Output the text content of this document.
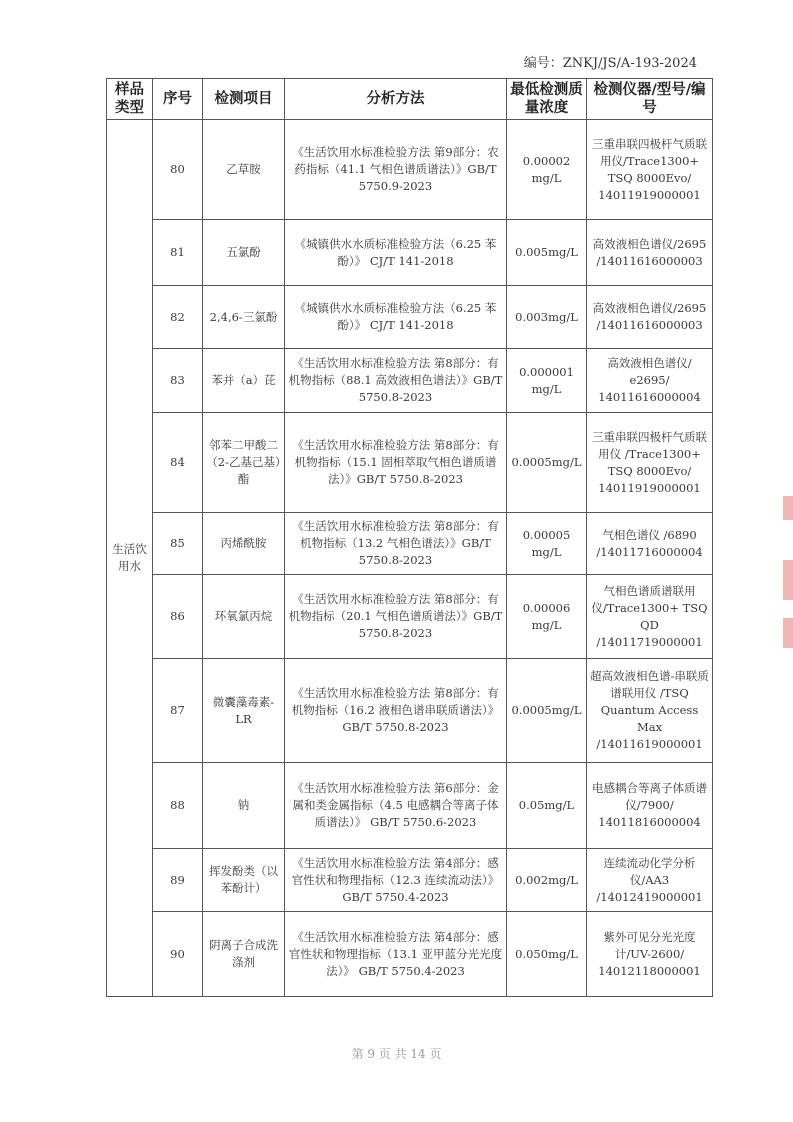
编号：ZNKJ/JS/A-193-2024
样品类型	序号	检测项目	分析方法	最低检测质量浓度	检测仪器/型号/编号
生活饮用水	80	乙草胺	《生活饮用水标准检验方法 第9部分：农药指标（41.1 气相色谱质谱法）》GB/T 5750.9-2023	0.00002 mg/L	三重串联四极杆气质联用仪/Trace1300+ TSQ 8000Evo/ 14011919000001
	81	五氯酚	《城镇供水水质标准检验方法（6.25 苯酚）》 CJ/T 141-2018	0.005mg/L	高效液相色谱仪/2695 /14011616000003
	82	2,4,6-三氯酚	《城镇供水水质标准检验方法（6.25 苯酚）》 CJ/T 141-2018	0.003mg/L	高效液相色谱仪/2695 /14011616000003
	83	苯并（a）芘	《生活饮用水标准检验方法 第8部分：有机物指标（88.1 高效液相色谱法）》GB/T 5750.8-2023	0.000001 mg/L	高效液相色谱仪/ e2695/ 14011616000004
	84	邻苯二甲酸二（2-乙基己基）酯	《生活饮用水标准检验方法 第8部分：有机物指标（15.1 固相萃取气相色谱质谱法）》GB/T 5750.8-2023	0.0005mg/L	三重串联四极杆气质联用仪 /Trace1300+ TSQ 8000Evo/ 14011919000001
	85	丙烯酰胺	《生活饮用水标准检验方法 第8部分：有机物指标（13.2 气相色谱法）》GB/T 5750.8-2023	0.00005 mg/L	气相色谱仪 /6890 /14011716000004
	86	环氧氯丙烷	《生活饮用水标准检验方法 第8部分：有机物指标（20.1 气相色谱质谱法）》GB/T 5750.8-2023	0.00006 mg/L	气相色谱质谱联用仪/Trace1300+ TSQ QD /14011719000001
	87	微囊藻毒素-LR	《生活饮用水标准检验方法 第8部分：有机物指标（16.2 液相色谱串联质谱法）》GB/T 5750.8-2023	0.0005mg/L	超高效液相色谱-串联质谱联用仪 /TSQ Quantum Access Max /14011619000001
	88	钠	《生活饮用水标准检验方法 第6部分：金属和类金属指标（4.5 电感耦合等离子体质谱法）》 GB/T 5750.6-2023	0.05mg/L	电感耦合等离子体质谱仪/7900/ 14011816000004
	89	挥发酚类（以苯酚计）	《生活饮用水标准检验方法 第4部分：感官性状和物理指标（12.3 连续流动法）》GB/T 5750.4-2023	0.002mg/L	连续流动化学分析仪/AA3 /14012419000001
	90	阴离子合成洗涤剂	《生活饮用水标准检验方法 第4部分：感官性状和物理指标（13.1 亚甲蓝分光光度法）》 GB/T 5750.4-2023	0.050mg/L	紫外可见分光光度计/UV-2600/ 14012118000001
第 9 页 共 14 页
